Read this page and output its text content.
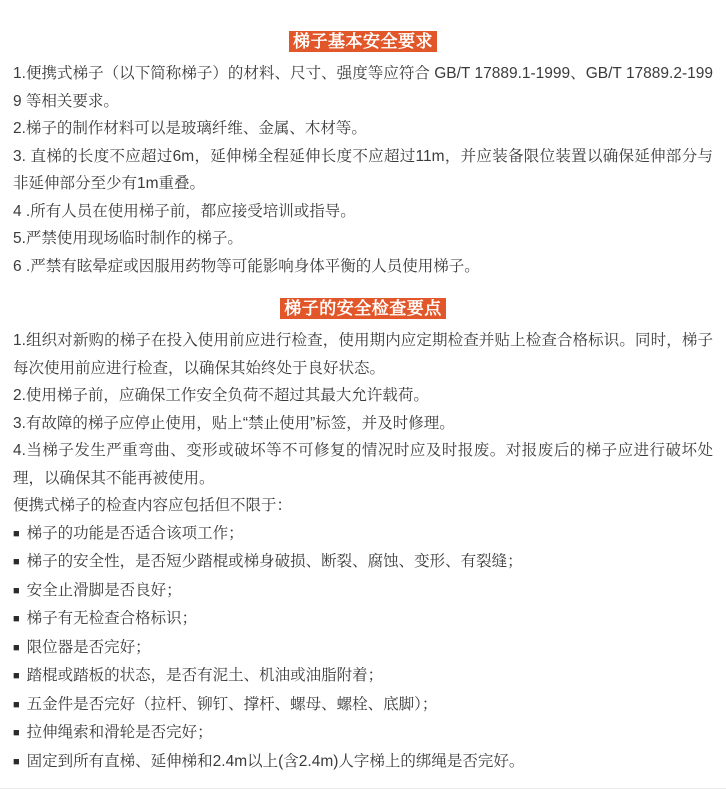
梯子基本安全要求

1.便携式梯子（以下简称梯子）的材料、尺寸、强度等应符合 GB/T 17889.1-1999、GB/T 17889.2-1999 等相关要求。

2.梯子的制作材料可以是玻璃纤维、金属、木材等。

3. 直梯的长度不应超过6m，延伸梯全程延伸长度不应超过11m，并应装备限位装置以确保延伸部分与非延伸部分至少有1m重叠。

4 .所有人员在使用梯子前，都应接受培训或指导。

5.严禁使用现场临时制作的梯子。

6 .严禁有眩晕症或因服用药物等可能影响身体平衡的人员使用梯子。

梯子的安全检查要点

1.组织对新购的梯子在投入使用前应进行检查，使用期内应定期检查并贴上检查合格标识。同时，梯子每次使用前应进行检查，以确保其始终处于良好状态。

2.使用梯子前，应确保工作安全负荷不超过其最大允许载荷。

3.有故障的梯子应停止使用，贴上“禁止使用”标签，并及时修理。

4.当梯子发生严重弯曲、变形或破坏等不可修复的情况时应及时报废。对报废后的梯子应进行破坏处理，以确保其不能再被使用。

便携式梯子的检查内容应包括但不限于：

■ 梯子的功能是否适合该项工作；
■ 梯子的安全性，是否短少踏棍或梯身破损、断裂、腐蚀、变形、有裂缝；
■ 安全止滑脚是否良好；
■ 梯子有无检查合格标识；
■ 限位器是否完好；
■ 踏棍或踏板的状态，是否有泥土、机油或油脂附着；
■ 五金件是否完好（拉杆、铆钉、撑杆、螺母、螺栓、底脚）；
■ 拉伸绳索和滑轮是否完好；
■ 固定到所有直梯、延伸梯和2.4m以上(含2.4m)人字梯上的绑绳是否完好。
